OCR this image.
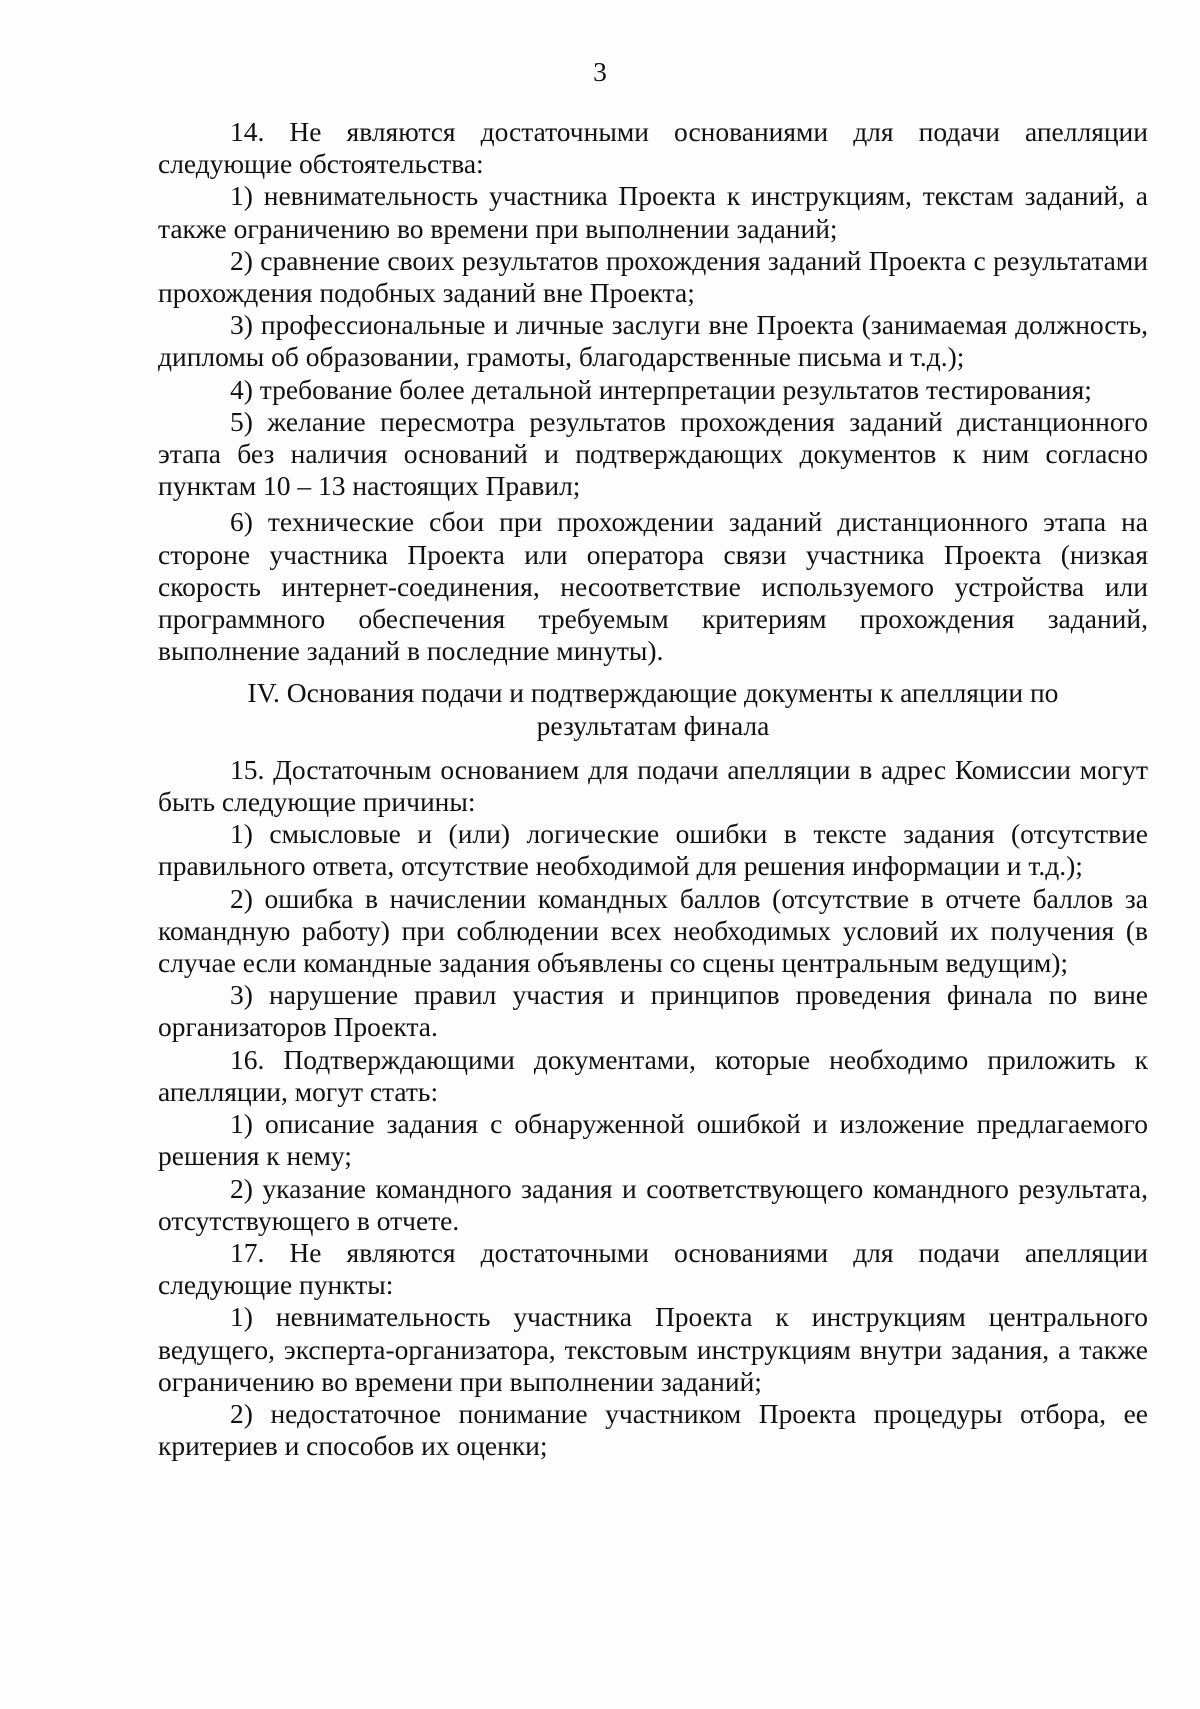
3

14. Не являются достаточными основаниями для подачи апелляции следующие обстоятельства:

1) невнимательность участника Проекта к инструкциям, текстам заданий, а также ограничению во времени при выполнении заданий;

2) сравнение своих результатов прохождения заданий Проекта с результатами прохождения подобных заданий вне Проекта;

3) профессиональные и личные заслуги вне Проекта (занимаемая должность, дипломы об образовании, грамоты, благодарственные письма и т.д.);

4) требование более детальной интерпретации результатов тестирования;

5) желание пересмотра результатов прохождения заданий дистанционного этапа без наличия оснований и подтверждающих документов к ним согласно пунктам 10 – 13 настоящих Правил;

6) технические сбои при прохождении заданий дистанционного этапа на стороне участника Проекта или оператора связи участника Проекта (низкая скорость интернет-соединения, несоответствие используемого устройства или программного обеспечения требуемым критериям прохождения заданий, выполнение заданий в последние минуты).

IV. Основания подачи и подтверждающие документы к апелляции по результатам финала

15. Достаточным основанием для подачи апелляции в адрес Комиссии могут быть следующие причины:

1) смысловые и (или) логические ошибки в тексте задания (отсутствие правильного ответа, отсутствие необходимой для решения информации и т.д.);

2) ошибка в начислении командных баллов (отсутствие в отчете баллов за командную работу) при соблюдении всех необходимых условий их получения (в случае если командные задания объявлены со сцены центральным ведущим);

3) нарушение правил участия и принципов проведения финала по вине организаторов Проекта.

16. Подтверждающими документами, которые необходимо приложить к апелляции, могут стать:

1) описание задания с обнаруженной ошибкой и изложение предлагаемого решения к нему;

2) указание командного задания и соответствующего командного результата, отсутствующего в отчете.

17. Не являются достаточными основаниями для подачи апелляции следующие пункты:

1) невнимательность участника Проекта к инструкциям центрального ведущего, эксперта-организатора, текстовым инструкциям внутри задания, а также ограничению во времени при выполнении заданий;

2) недостаточное понимание участником Проекта процедуры отбора, ее критериев и способов их оценки;
